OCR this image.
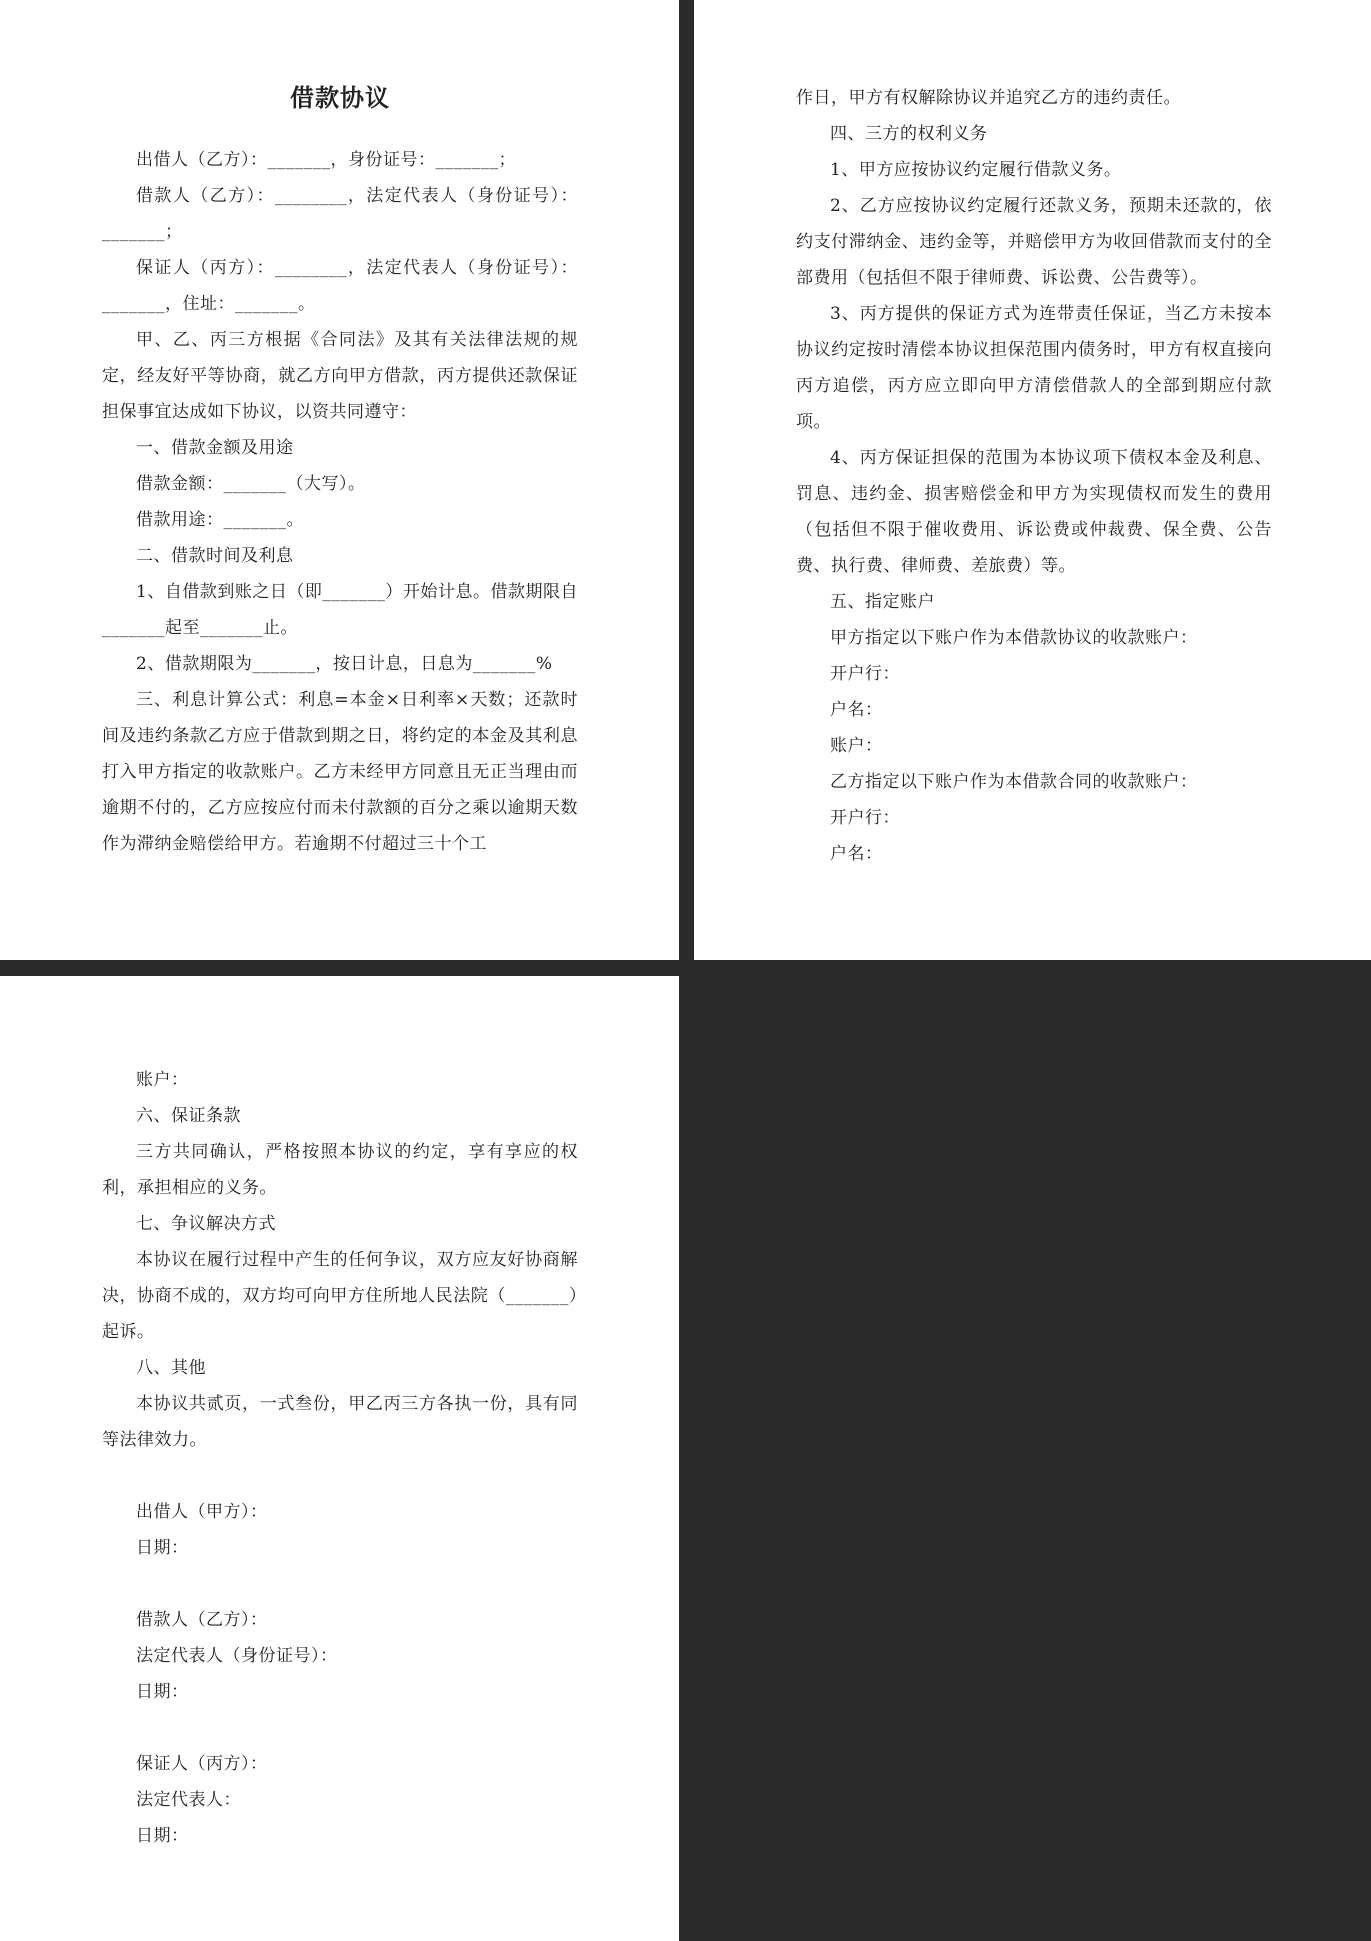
借款协议

出借人（乙方）：_______，身份证号：_______；

借款人（乙方）：________，法定代表人（身份证号）：_______；

保证人（丙方）：________，法定代表人（身份证号）：_______，住址：_______。

甲、乙、丙三方根据《合同法》及其有关法律法规的规定，经友好平等协商，就乙方向甲方借款，丙方提供还款保证担保事宜达成如下协议，以资共同遵守：

一、借款金额及用途

借款金额：_______（大写）。

借款用途：_______。

二、借款时间及利息

1、自借款到账之日（即_______）开始计息。借款期限自_______起至_______止。

2、借款期限为_______，按日计息，日息为_______%

三、利息计算公式：利息=本金×日利率×天数；还款时间及违约条款乙方应于借款到期之日，将约定的本金及其利息打入甲方指定的收款账户。乙方未经甲方同意且无正当理由而逾期不付的，乙方应按应付而未付款额的百分之乘以逾期天数作为滞纳金赔偿给甲方。若逾期不付超过三十个工

作日，甲方有权解除协议并追究乙方的违约责任。

四、三方的权利义务

1、甲方应按协议约定履行借款义务。

2、乙方应按协议约定履行还款义务，预期未还款的，依约支付滞纳金、违约金等，并赔偿甲方为收回借款而支付的全部费用（包括但不限于律师费、诉讼费、公告费等）。

3、丙方提供的保证方式为连带责任保证，当乙方未按本协议约定按时清偿本协议担保范围内债务时，甲方有权直接向丙方追偿，丙方应立即向甲方清偿借款人的全部到期应付款项。

4、丙方保证担保的范围为本协议项下债权本金及利息、罚息、违约金、损害赔偿金和甲方为实现债权而发生的费用（包括但不限于催收费用、诉讼费或仲裁费、保全费、公告费、执行费、律师费、差旅费）等。

五、指定账户

甲方指定以下账户作为本借款协议的收款账户：

开户行：

户名：

账户：

乙方指定以下账户作为本借款合同的收款账户：

开户行：

户名：

账户：

六、保证条款

三方共同确认，严格按照本协议的约定，享有享应的权利，承担相应的义务。

七、争议解决方式

本协议在履行过程中产生的任何争议，双方应友好协商解决，协商不成的，双方均可向甲方住所地人民法院（_______）起诉。

八、其他

本协议共贰页，一式叁份，甲乙丙三方各执一份，具有同等法律效力。

出借人（甲方）：

日期：

借款人（乙方）：

法定代表人（身份证号）：

日期：

保证人（丙方）：

法定代表人：

日期：
